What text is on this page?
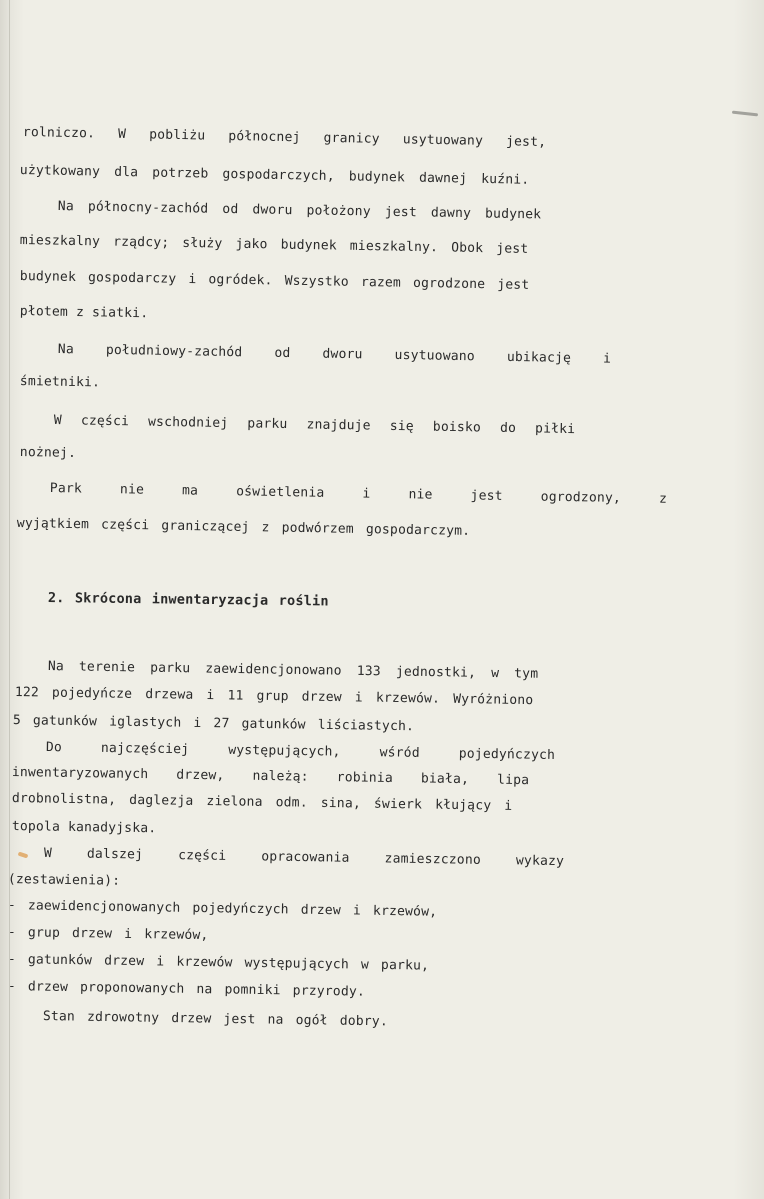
rolniczo. W pobliżu północnej granicy usytuowany jest,
użytkowany dla potrzeb gospodarczych, budynek dawnej kuźni.
Na północny-zachód od dworu położony jest dawny budynek
mieszkalny rządcy; służy jako budynek mieszkalny. Obok jest
budynek gospodarczy i ogródek. Wszystko razem ogrodzone jest
płotem z siatki.
Na południowy-zachód od dworu usytuowano ubikację i
śmietniki.
W części wschodniej parku znajduje się boisko do piłki
nożnej.
Park nie ma oświetlenia i nie jest ogrodzony, z
wyjątkiem części graniczącej z podwórzem gospodarczym.
2. Skrócona inwentaryzacja roślin
Na terenie parku zaewidencjonowano 133 jednostki, w tym
122 pojedyńcze drzewa i 11 grup drzew i krzewów. Wyróżniono
5 gatunków iglastych i 27 gatunków liściastych.
Do najczęściej występujących, wśród pojedyńczych
inwentaryzowanych drzew, należą: robinia biała, lipa
drobnolistna, daglezja zielona odm. sina, świerk kłujący i
topola kanadyjska.
W dalszej części opracowania zamieszczono wykazy
(zestawienia):
- zaewidencjonowanych pojedyńczych drzew i krzewów,
- grup drzew i krzewów,
- gatunków drzew i krzewów występujących w parku,
- drzew proponowanych na pomniki przyrody.
Stan zdrowotny drzew jest na ogół dobry.
